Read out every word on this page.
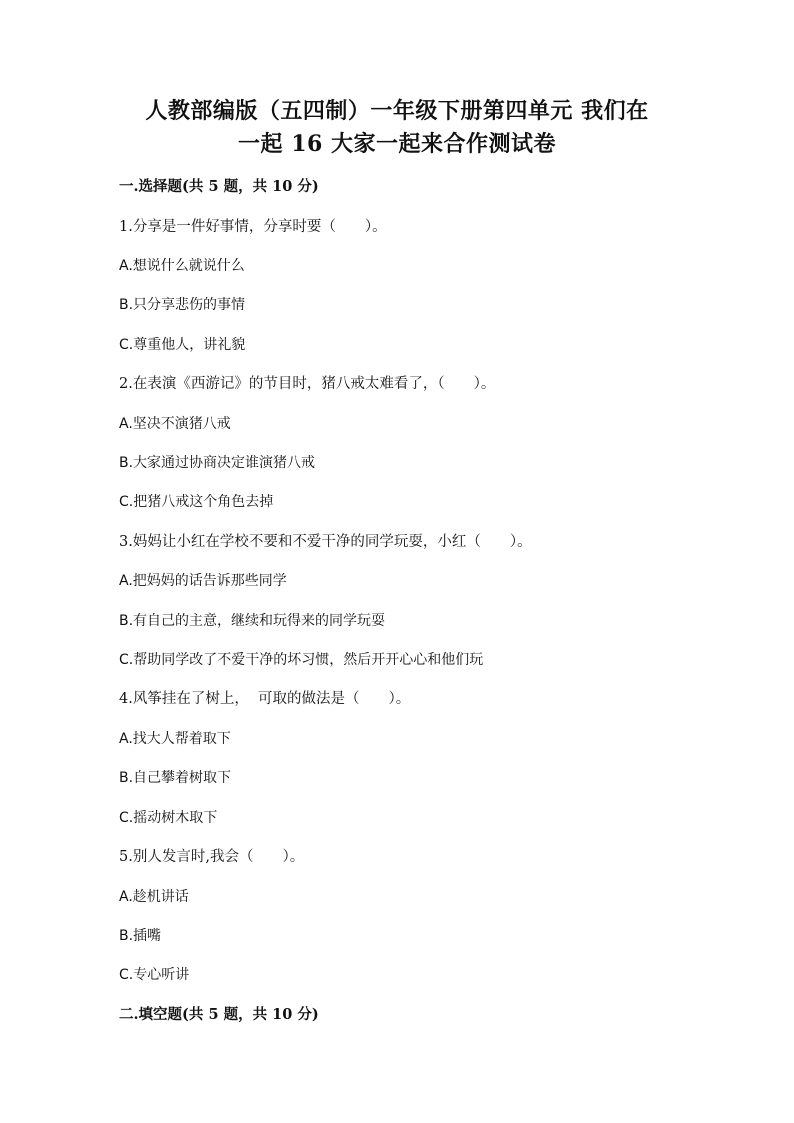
人教部编版（五四制）一年级下册第四单元 我们在
一起 16 大家一起来合作测试卷
一.选择题(共 5 题，共 10 分)
1.分享是一件好事情，分享时要（　　）。
A.想说什么就说什么
B.只分享悲伤的事情
C.尊重他人，讲礼貌
2.在表演《西游记》的节目时，猪八戒太难看了，（　　）。
A.坚决不演猪八戒
B.大家通过协商决定谁演猪八戒
C.把猪八戒这个角色去掉
3.妈妈让小红在学校不要和不爱干净的同学玩耍，小红（　　）。
A.把妈妈的话告诉那些同学
B.有自己的主意，继续和玩得来的同学玩耍
C.帮助同学改了不爱干净的坏习惯，然后开开心心和他们玩
4.风筝挂在了树上，  可取的做法是（　　）。
A.找大人帮着取下
B.自己攀着树取下
C.摇动树木取下
5.别人发言时,我会（　　）。
A.趁机讲话
B.插嘴
C.专心听讲
二.填空题(共 5 题，共 10 分)
